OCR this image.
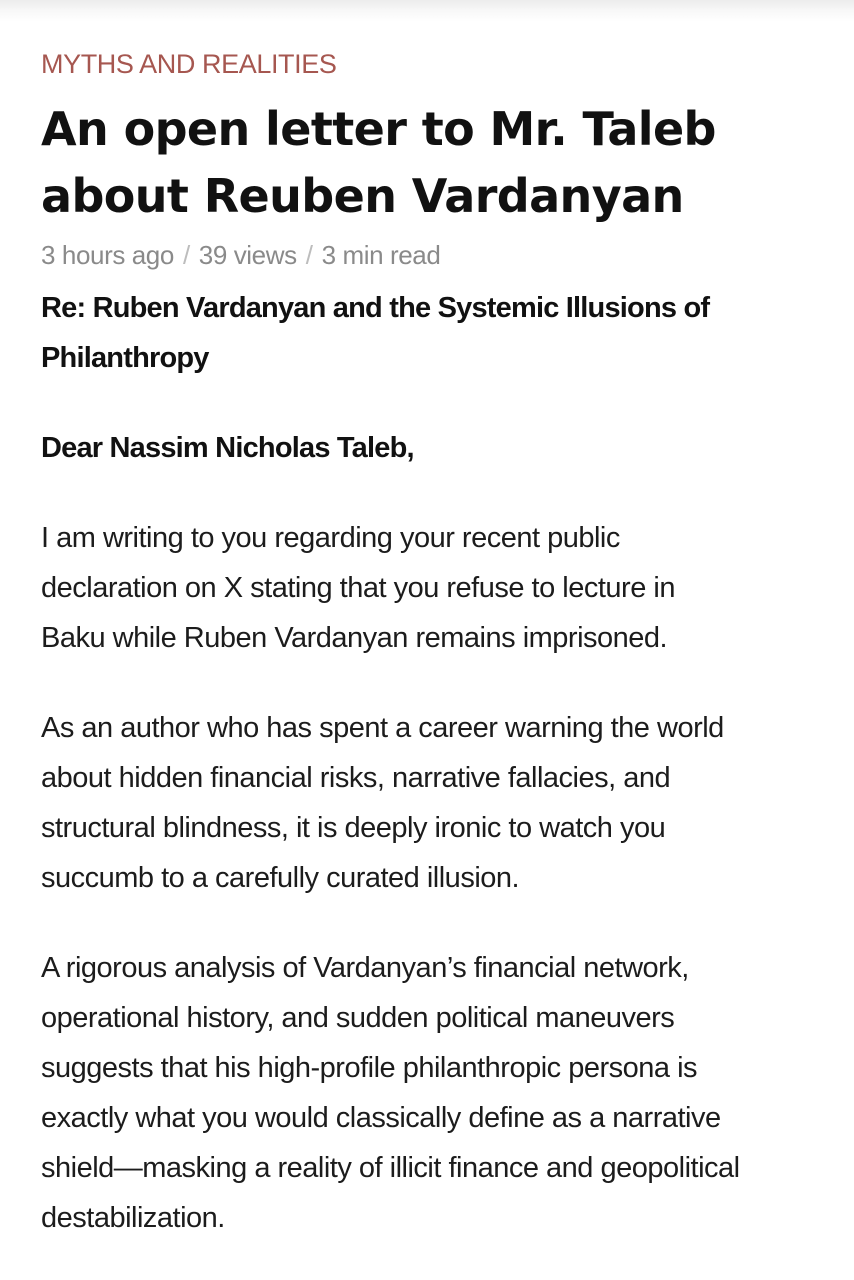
MYTHS AND REALITIES
An open letter to Mr. Taleb about Reuben Vardanyan
3 hours ago / 39 views / 3 min read

Re: Ruben Vardanyan and the Systemic Illusions of Philanthropy

Dear Nassim Nicholas Taleb,

I am writing to you regarding your recent public
declaration on X stating that you refuse to lecture in
Baku while Ruben Vardanyan remains imprisoned.

As an author who has spent a career warning the world
about hidden financial risks, narrative fallacies, and
structural blindness, it is deeply ironic to watch you
succumb to a carefully curated illusion.

A rigorous analysis of Vardanyan’s financial network,
operational history, and sudden political maneuvers
suggests that his high-profile philanthropic persona is
exactly what you would classically define as a narrative
shield—masking a reality of illicit finance and geopolitical
destabilization.
